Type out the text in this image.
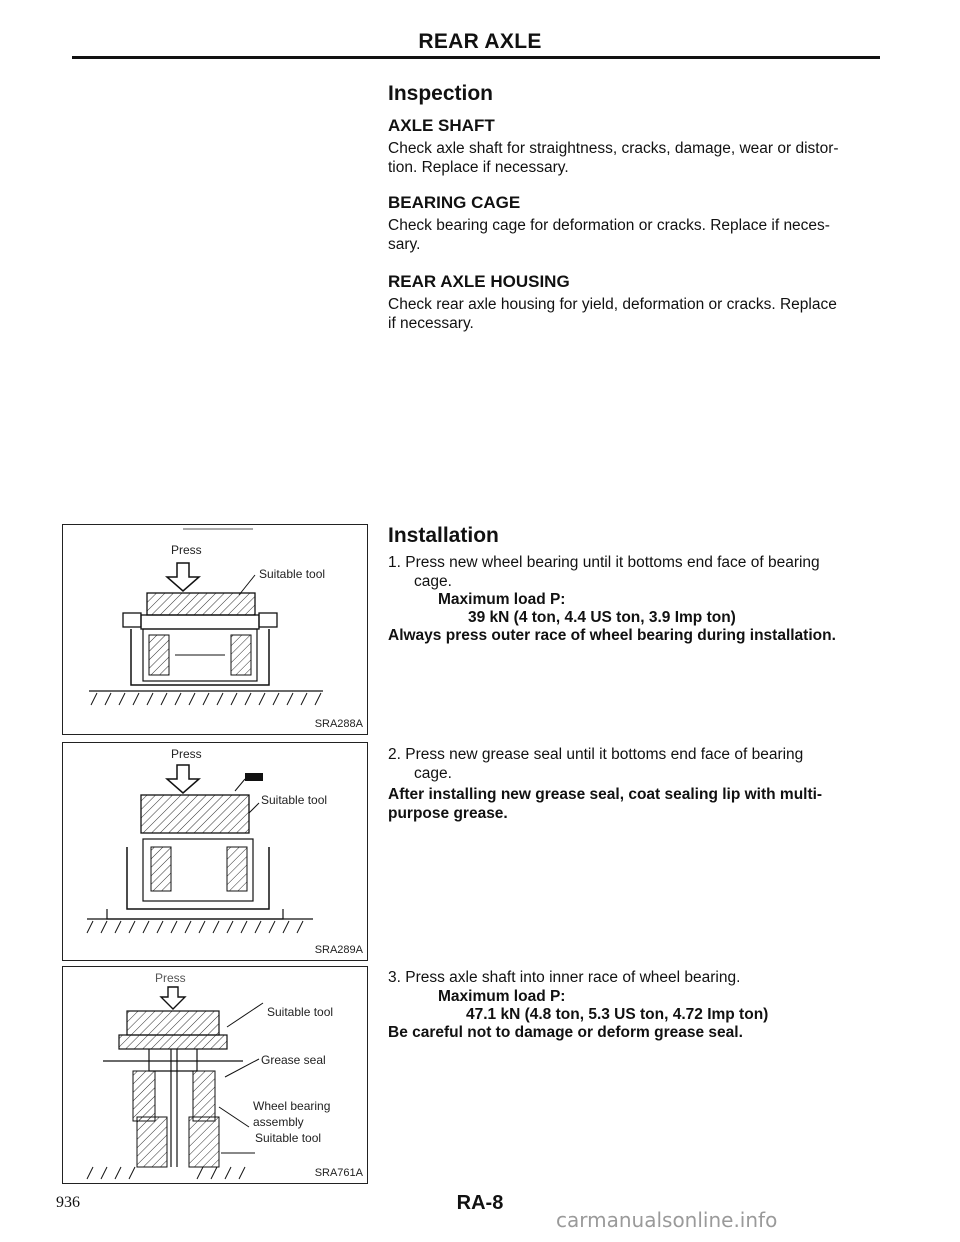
REAR AXLE
Inspection
AXLE SHAFT
Check axle shaft for straightness, cracks, damage, wear or distor-
tion. Replace if necessary.
BEARING CAGE
Check bearing cage for deformation or cracks. Replace if neces-
sary.
REAR AXLE HOUSING
Check rear axle housing for yield, deformation or cracks. Replace
if necessary.
Installation
1. Press new wheel bearing until it bottoms end face of bearing
cage.
Maximum load P:
39 kN (4 ton, 4.4 US ton, 3.9 Imp ton)
Always press outer race of wheel bearing during installation.
2. Press new grease seal until it bottoms end face of bearing
cage.
After installing new grease seal, coat sealing lip with multi-
purpose grease.
3. Press axle shaft into inner race of wheel bearing.
Maximum load P:
47.1 kN (4.8 ton, 5.3 US ton, 4.72 Imp ton)
Be careful not to damage or deform grease seal.
Press
Suitable tool
SRA288A
Press
Suitable tool
SRA289A
Press
Suitable tool
Grease seal
Wheel bearing
assembly
Suitable tool
SRA761A
936	RA-8
carmanualsonline.info
